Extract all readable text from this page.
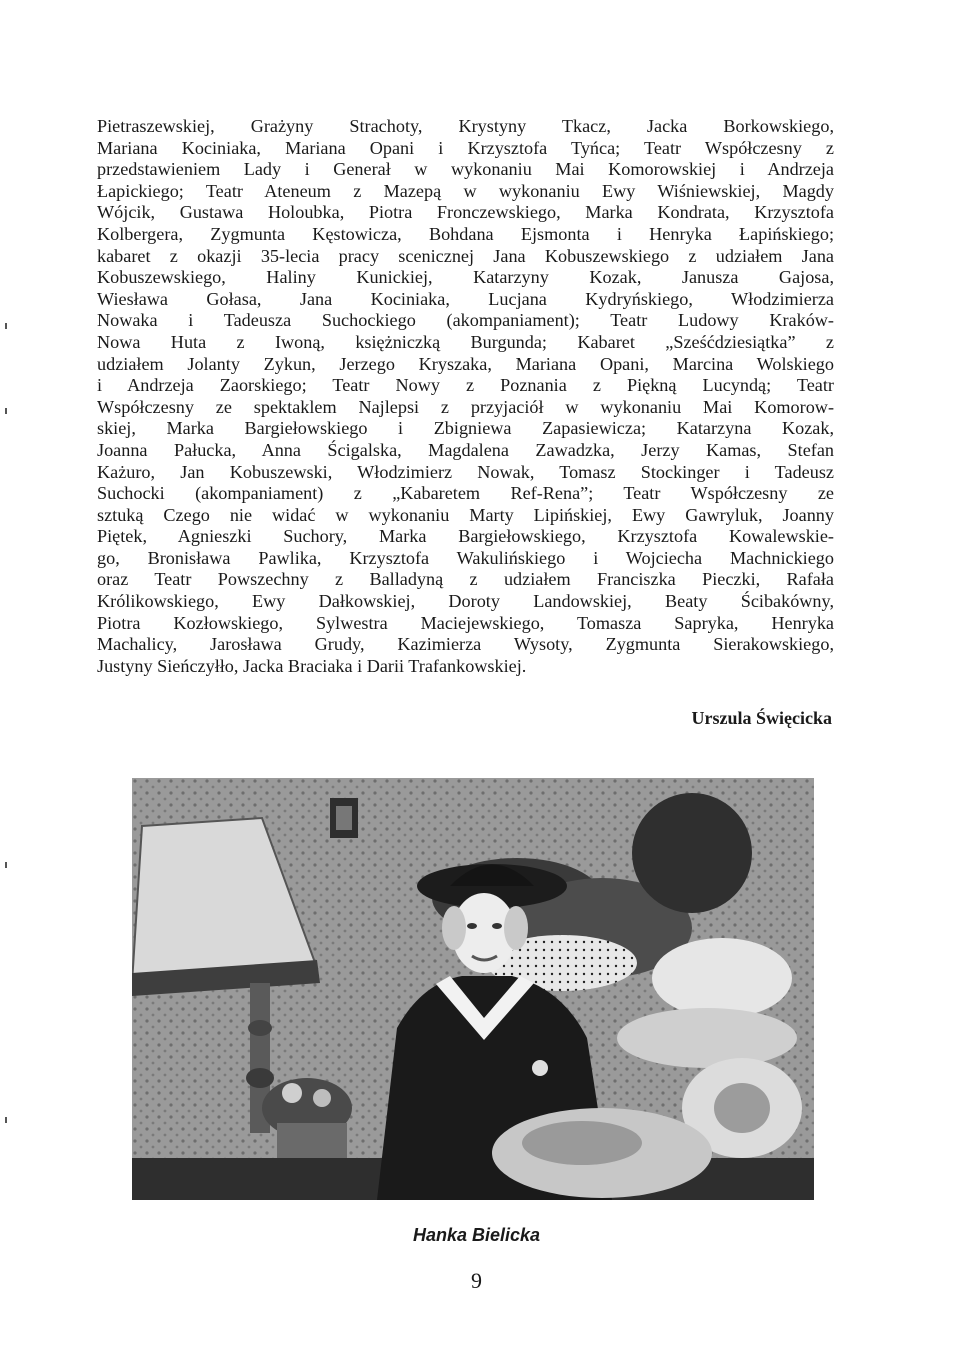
Pietraszewskiej, Grażyny Strachoty, Krystyny Tkacz, Jacka Borkowskiego,

Mariana Kociniaka, Mariana Opani i Krzysztofa Tyńca; Teatr Współczesny z

przedstawieniem Lady i Generał w wykonaniu Mai Komorowskiej i Andrzeja

Łapickiego; Teatr Ateneum z Mazepą w wykonaniu Ewy Wiśniewskiej, Magdy

Wójcik, Gustawa Holoubka, Piotra Fronczewskiego, Marka Kondrata, Krzysztofa

Kolbergera, Zygmunta Kęstowicza, Bohdana Ejsmonta i Henryka Łapińskiego;

kabaret z okazji 35-lecia pracy scenicznej Jana Kobuszewskiego z udziałem Jana

Kobuszewskiego, Haliny Kunickiej, Katarzyny Kozak, Janusza Gajosa,

Wiesława Gołasa, Jana Kociniaka, Lucjana Kydryńskiego, Włodzimierza

Nowaka i Tadeusza Suchockiego (akompaniament); Teatr Ludowy Kraków-

Nowa Huta z Iwoną, księżniczką Burgunda; Kabaret „Sześćdziesiątka” z

udziałem Jolanty Zykun, Jerzego Kryszaka, Mariana Opani, Marcina Wolskiego

i Andrzeja Zaorskiego; Teatr Nowy z Poznania z Piękną Lucyndą; Teatr

Współczesny ze spektaklem Najlepsi z przyjaciół w wykonaniu Mai Komorow-

skiej, Marka Bargiełowskiego i Zbigniewa Zapasiewicza; Katarzyna Kozak,

Joanna Pałucka, Anna Ścigalska, Magdalena Zawadzka, Jerzy Kamas, Stefan

Każuro, Jan Kobuszewski, Włodzimierz Nowak, Tomasz Stockinger i Tadeusz

Suchocki (akompaniament) z „Kabaretem Ref-Rena”; Teatr Współczesny ze

sztuką Czego nie widać w wykonaniu Marty Lipińskiej, Ewy Gawryluk, Joanny

Piętek, Agnieszki Suchory, Marka Bargiełowskiego, Krzysztofa Kowalewskie-

go, Bronisława Pawlika, Krzysztofa Wakulińskiego i Wojciecha Machnickiego

oraz Teatr Powszechny z Balladyną z udziałem Franciszka Pieczki, Rafała

Królikowskiego, Ewy Dałkowskiej, Doroty Landowskiej, Beaty Ścibakówny,

Piotra Kozłowskiego, Sylwestra Maciejewskiego, Tomasza Sapryka, Henryka

Machalicy, Jarosława Grudy, Kazimierza Wysoty, Zygmunta Sierakowskiego,

Justyny Sieńczyłło, Jacka Braciaka i Darii Trafankowskiej.

Urszula Święcicka
Hanka Bielicka
9
